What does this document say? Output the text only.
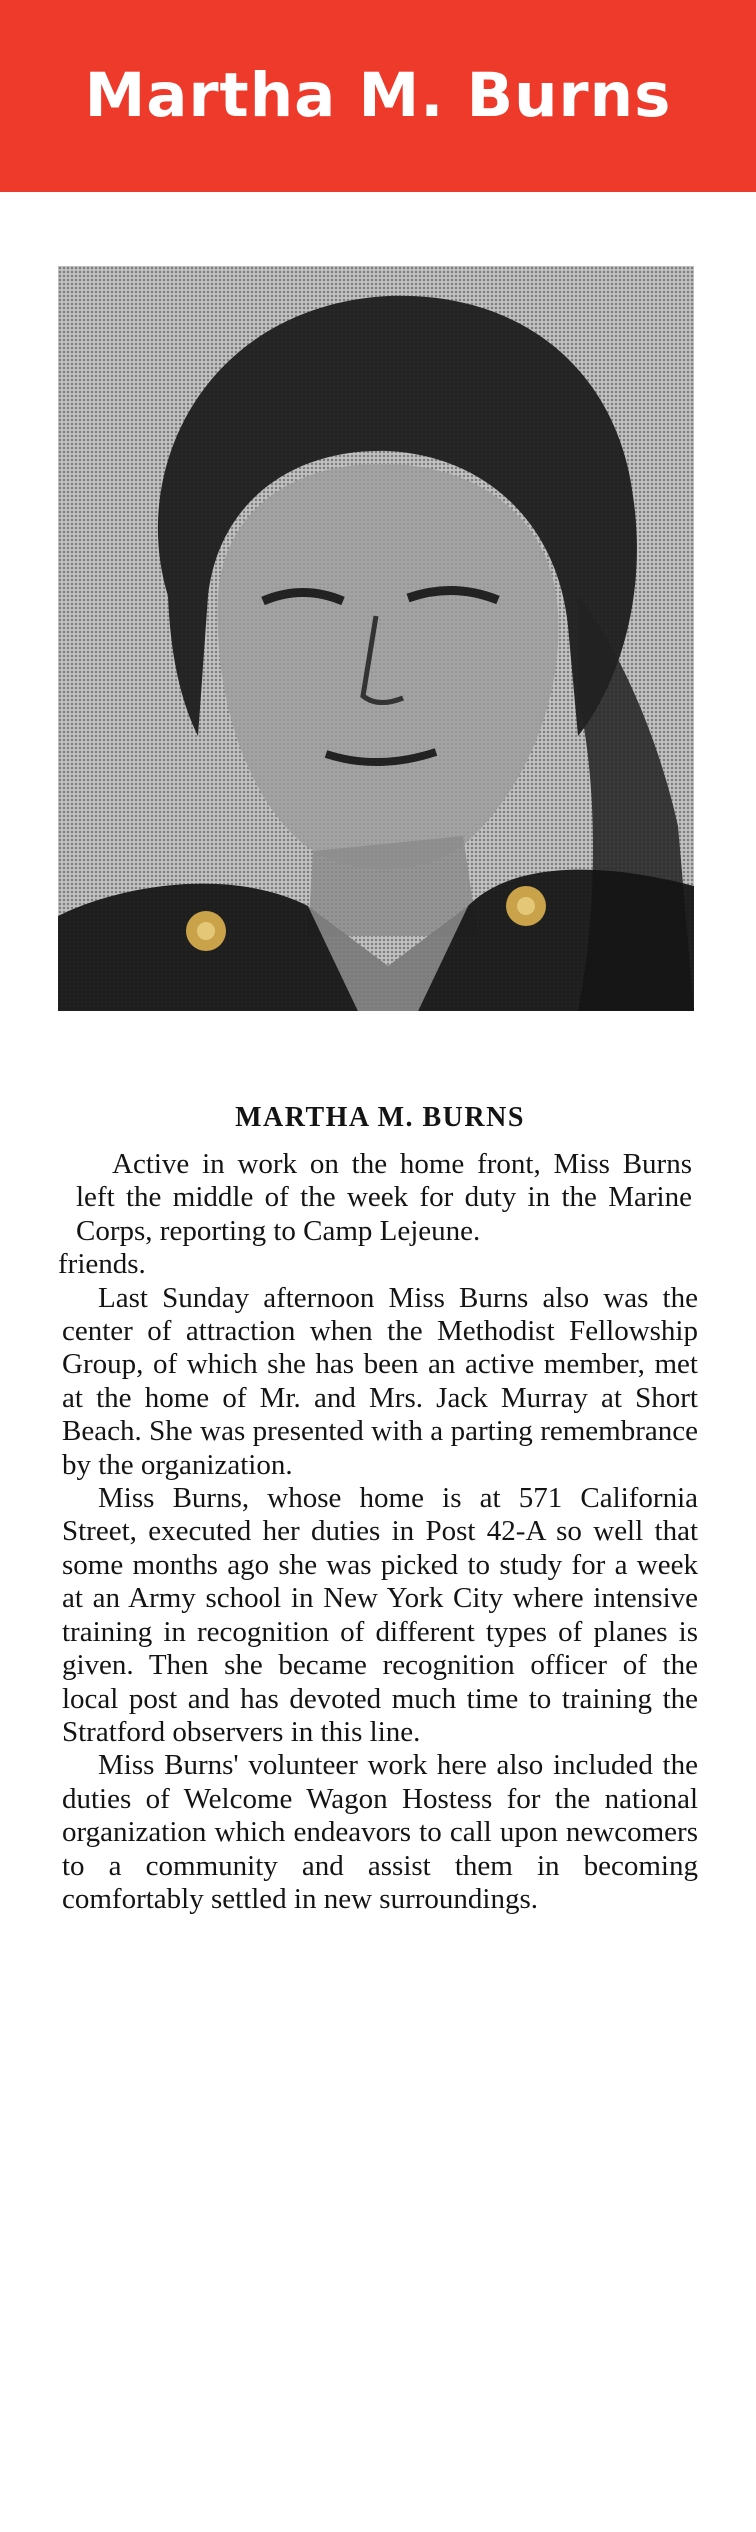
Martha M. Burns
MARTHA M. BURNS

Active in work on the home front, Miss Burns left the middle of the week for duty in the Marine Corps, reporting to Camp Lejeune.

friends.

Last Sunday afternoon Miss Burns also was the center of attraction when the Methodist Fellowship Group, of which she has been an active member, met at the home of Mr. and Mrs. Jack Murray at Short Beach. She was presented with a parting remembrance by the organization.

Miss Burns, whose home is at 571 California Street, executed her duties in Post 42-A so well that some months ago she was picked to study for a week at an Army school in New York City where intensive training in recognition of different types of planes is given. Then she became recognition officer of the local post and has devoted much time to training the Stratford observers in this line.

Miss Burns' volunteer work here also included the duties of Welcome Wagon Hostess for the national organization which endeavors to call upon newcomers to a community and assist them in becoming comfortably settled in new surroundings.
